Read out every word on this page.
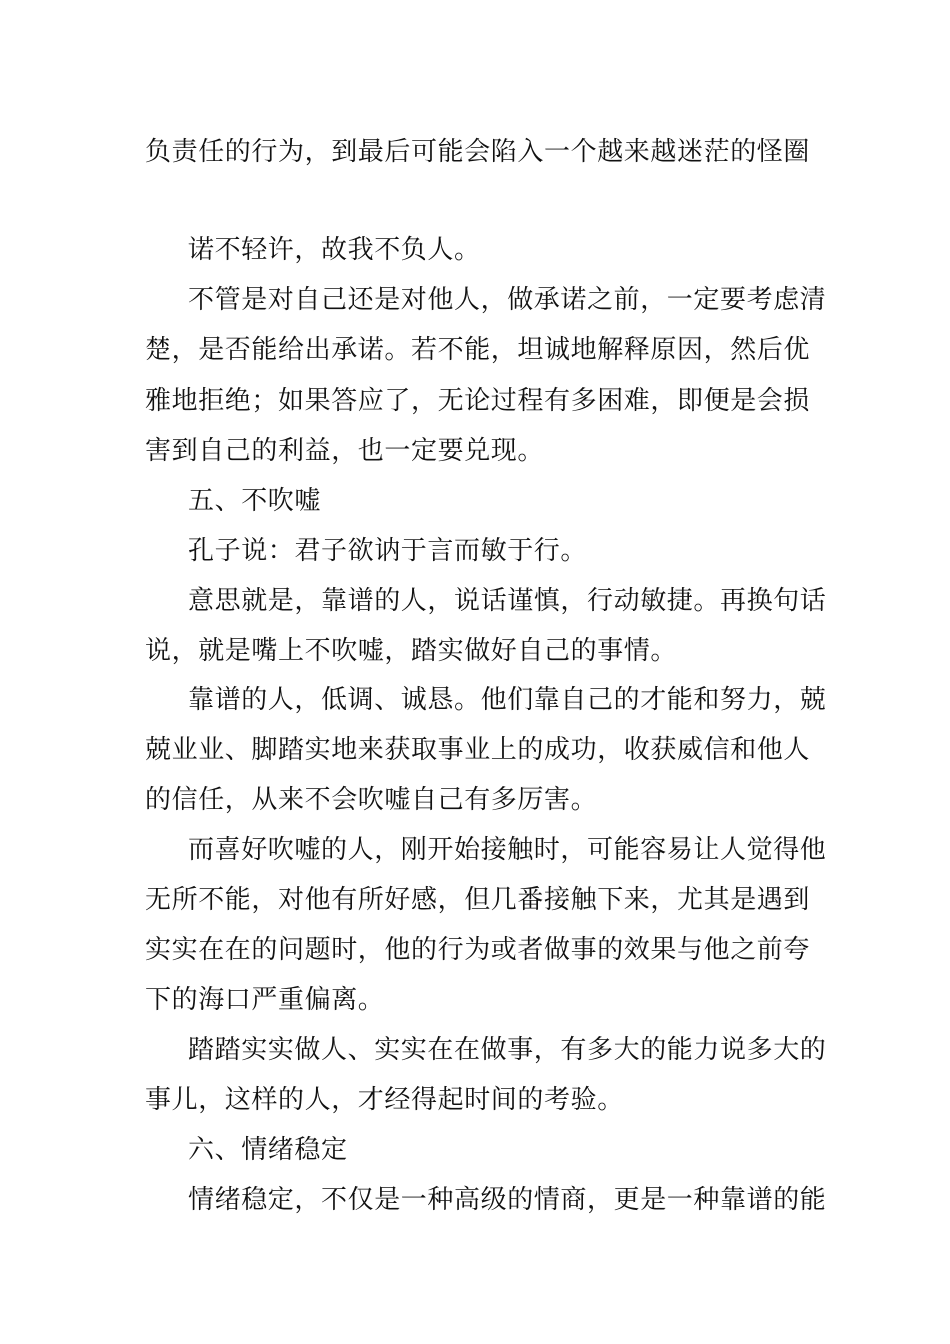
负责任的行为，到最后可能会陷入一个越来越迷茫的怪圈
诺不轻许，故我不负人。
不管是对自己还是对他人，做承诺之前，一定要考虑清
楚，是否能给出承诺。若不能，坦诚地解释原因，然后优
雅地拒绝；如果答应了，无论过程有多困难，即便是会损
害到自己的利益，也一定要兑现。
五、不吹嘘
孔子说：君子欲讷于言而敏于行。
意思就是，靠谱的人，说话谨慎，行动敏捷。再换句话
说，就是嘴上不吹嘘，踏实做好自己的事情。
靠谱的人，低调、诚恳。他们靠自己的才能和努力，兢
兢业业、脚踏实地来获取事业上的成功，收获威信和他人
的信任，从来不会吹嘘自己有多厉害。
而喜好吹嘘的人，刚开始接触时，可能容易让人觉得他
无所不能，对他有所好感，但几番接触下来，尤其是遇到
实实在在的问题时，他的行为或者做事的效果与他之前夸
下的海口严重偏离。
踏踏实实做人、实实在在做事，有多大的能力说多大的
事儿，这样的人，才经得起时间的考验。
六、情绪稳定
情绪稳定，不仅是一种高级的情商，更是一种靠谱的能
